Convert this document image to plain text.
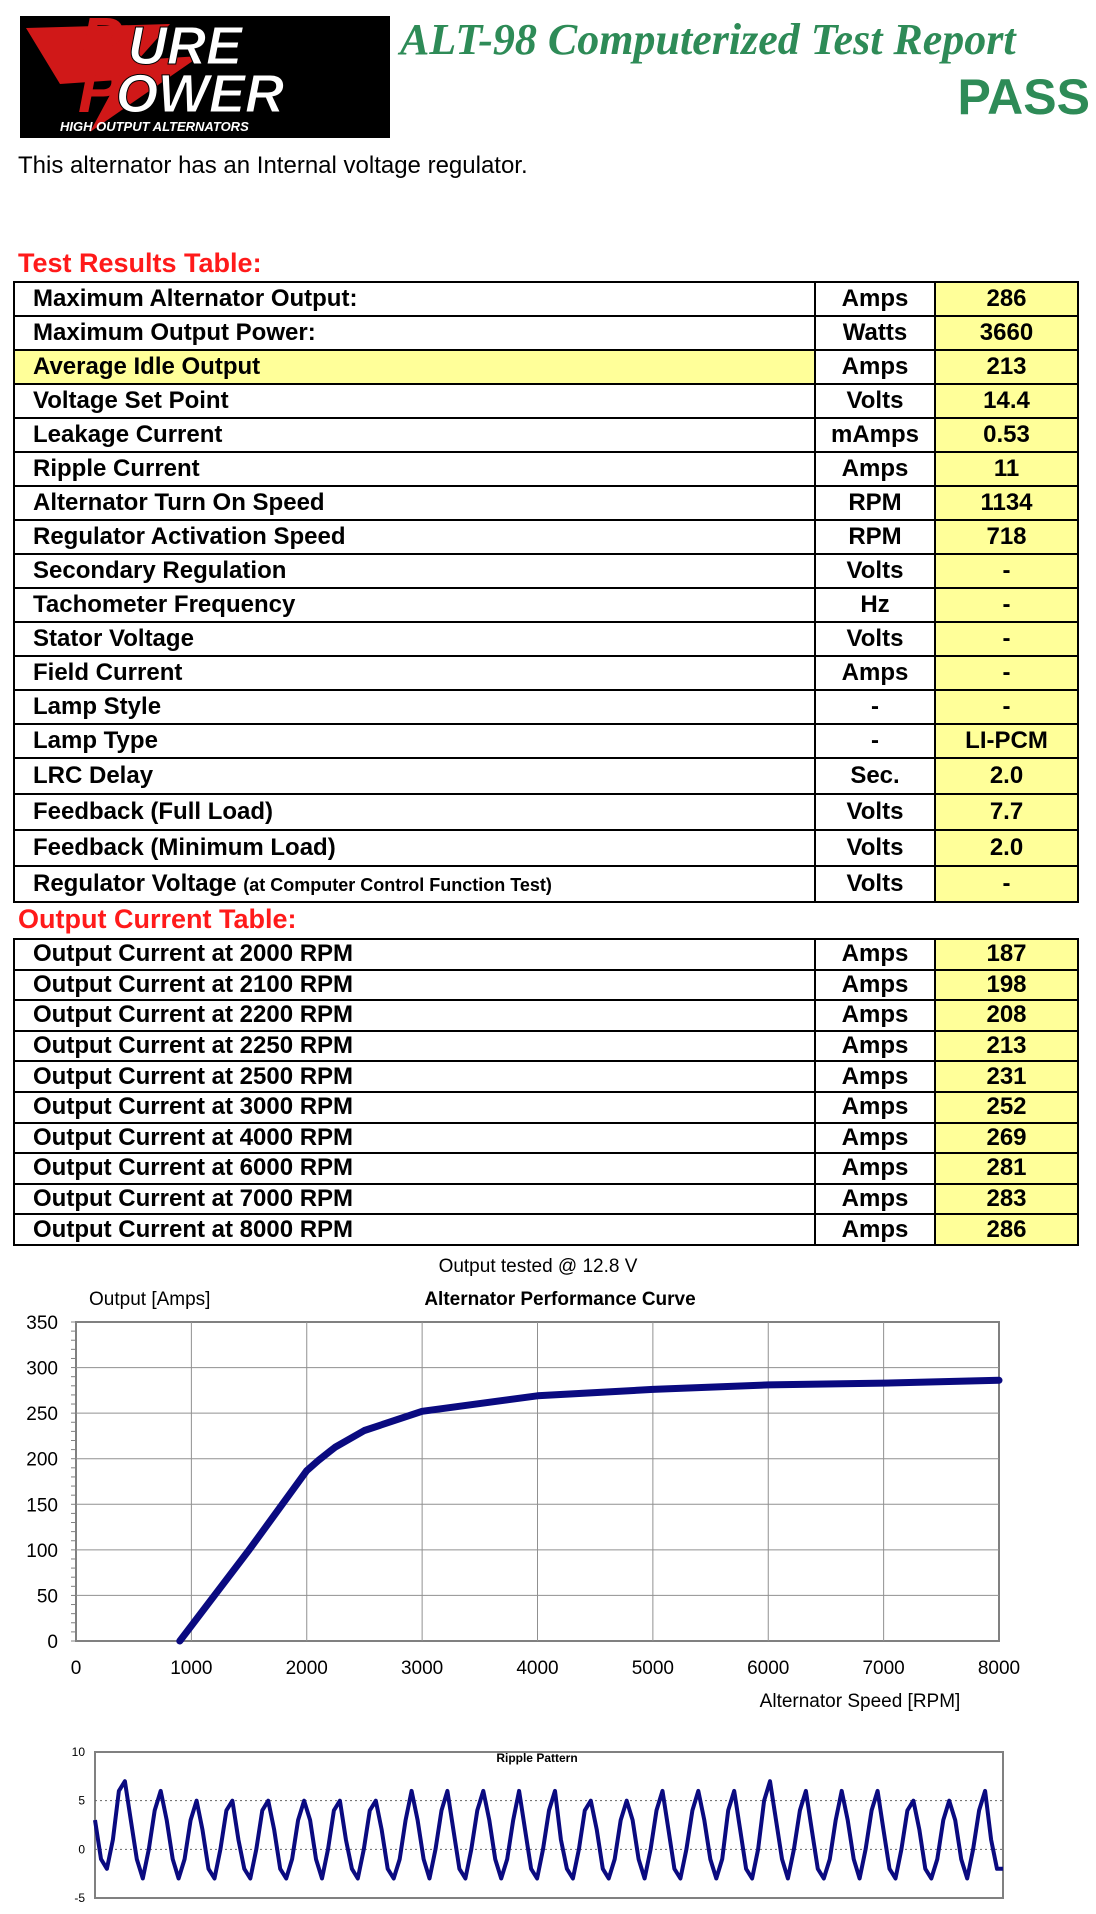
P
P
URE
OWER
HIGH OUTPUT ALTERNATORS
ALT-98 Computerized Test Report
PASS
This alternator has an Internal voltage regulator.
Test Results Table:
Maximum Alternator Output:	Amps	286
Maximum Output Power:	Watts	3660
Average Idle Output	Amps	213
Voltage Set Point	Volts	14.4
Leakage Current	mAmps	0.53
Ripple Current	Amps	11
Alternator Turn On Speed	RPM	1134
Regulator Activation Speed	RPM	718
Secondary Regulation	Volts	-
Tachometer Frequency	Hz	-
Stator Voltage	Volts	-
Field Current	Amps	-
Lamp Style	-	-
Lamp Type	-	LI-PCM
LRC Delay	Sec.	2.0
Feedback (Full Load)	Volts	7.7
Feedback (Minimum Load)	Volts	2.0
Regulator Voltage (at Computer Control Function Test)	Volts	-
Output Current Table:
Output Current at 2000 RPM	Amps	187
Output Current at 2100 RPM	Amps	198
Output Current at 2200 RPM	Amps	208
Output Current at 2250 RPM	Amps	213
Output Current at 2500 RPM	Amps	231
Output Current at 3000 RPM	Amps	252
Output Current at 4000 RPM	Amps	269
Output Current at 6000 RPM	Amps	281
Output Current at 7000 RPM	Amps	283
Output Current at 8000 RPM	Amps	286
Output tested @ 12.8 V
0	1000	2000	3000	4000	5000	6000	7000	8000
0
50
100
150
200
250
300
350
Output [Amps]	Alternator Performance Curve
Alternator Speed [RPM]
-5
0
5
10	Ripple Pattern
